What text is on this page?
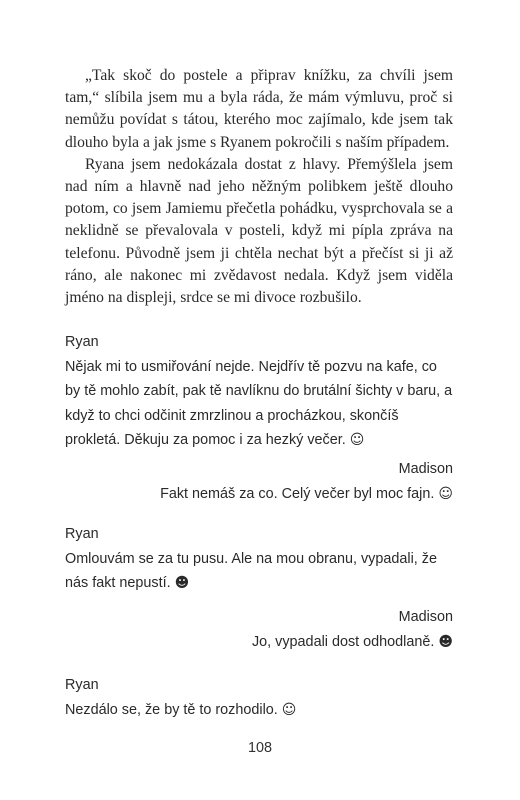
„Tak skoč do postele a připrav knížku, za chvíli jsem tam,“ slíbila jsem mu a byla ráda, že mám výmluvu, proč si nemůžu povídat s tátou, kterého moc zajímalo, kde jsem tak dlouho byla a jak jsme s Ryanem pokročili s naším případem.

Ryana jsem nedokázala dostat z hlavy. Přemýšlela jsem nad ním a hlavně nad jeho něžným polibkem ještě dlouho potom, co jsem Jamiemu přečetla pohádku, vysprchovala se a neklidně se převalovala v posteli, když mi pípla zpráva na telefonu. Původně jsem ji chtěla nechat být a přečíst si ji až ráno, ale nakonec mi zvědavost nedala. Když jsem viděla jméno na displeji, srdce se mi divoce rozbušilo.

Ryan

Nějak mi to usmiřování nejde. Nejdřív tě pozvu na kafe, co by tě mohlo zabít, pak tě navlíknu do brutální šichty v baru, a když to chci odčinit zmrzlinou a procházkou, skončíš prokletá. Děkuju za pomoc i za hezký večer. ☺

Madison

Fakt nemáš za co. Celý večer byl moc fajn. ☺

Ryan

Omlouvám se za tu pusu. Ale na mou obranu, vypadali, že nás fakt nepustí. ☻

Madison

Jo, vypadali dost odhodlaně. ☻

Ryan

Nezdálo se, že by tě to rozhodilo. ☺

108
